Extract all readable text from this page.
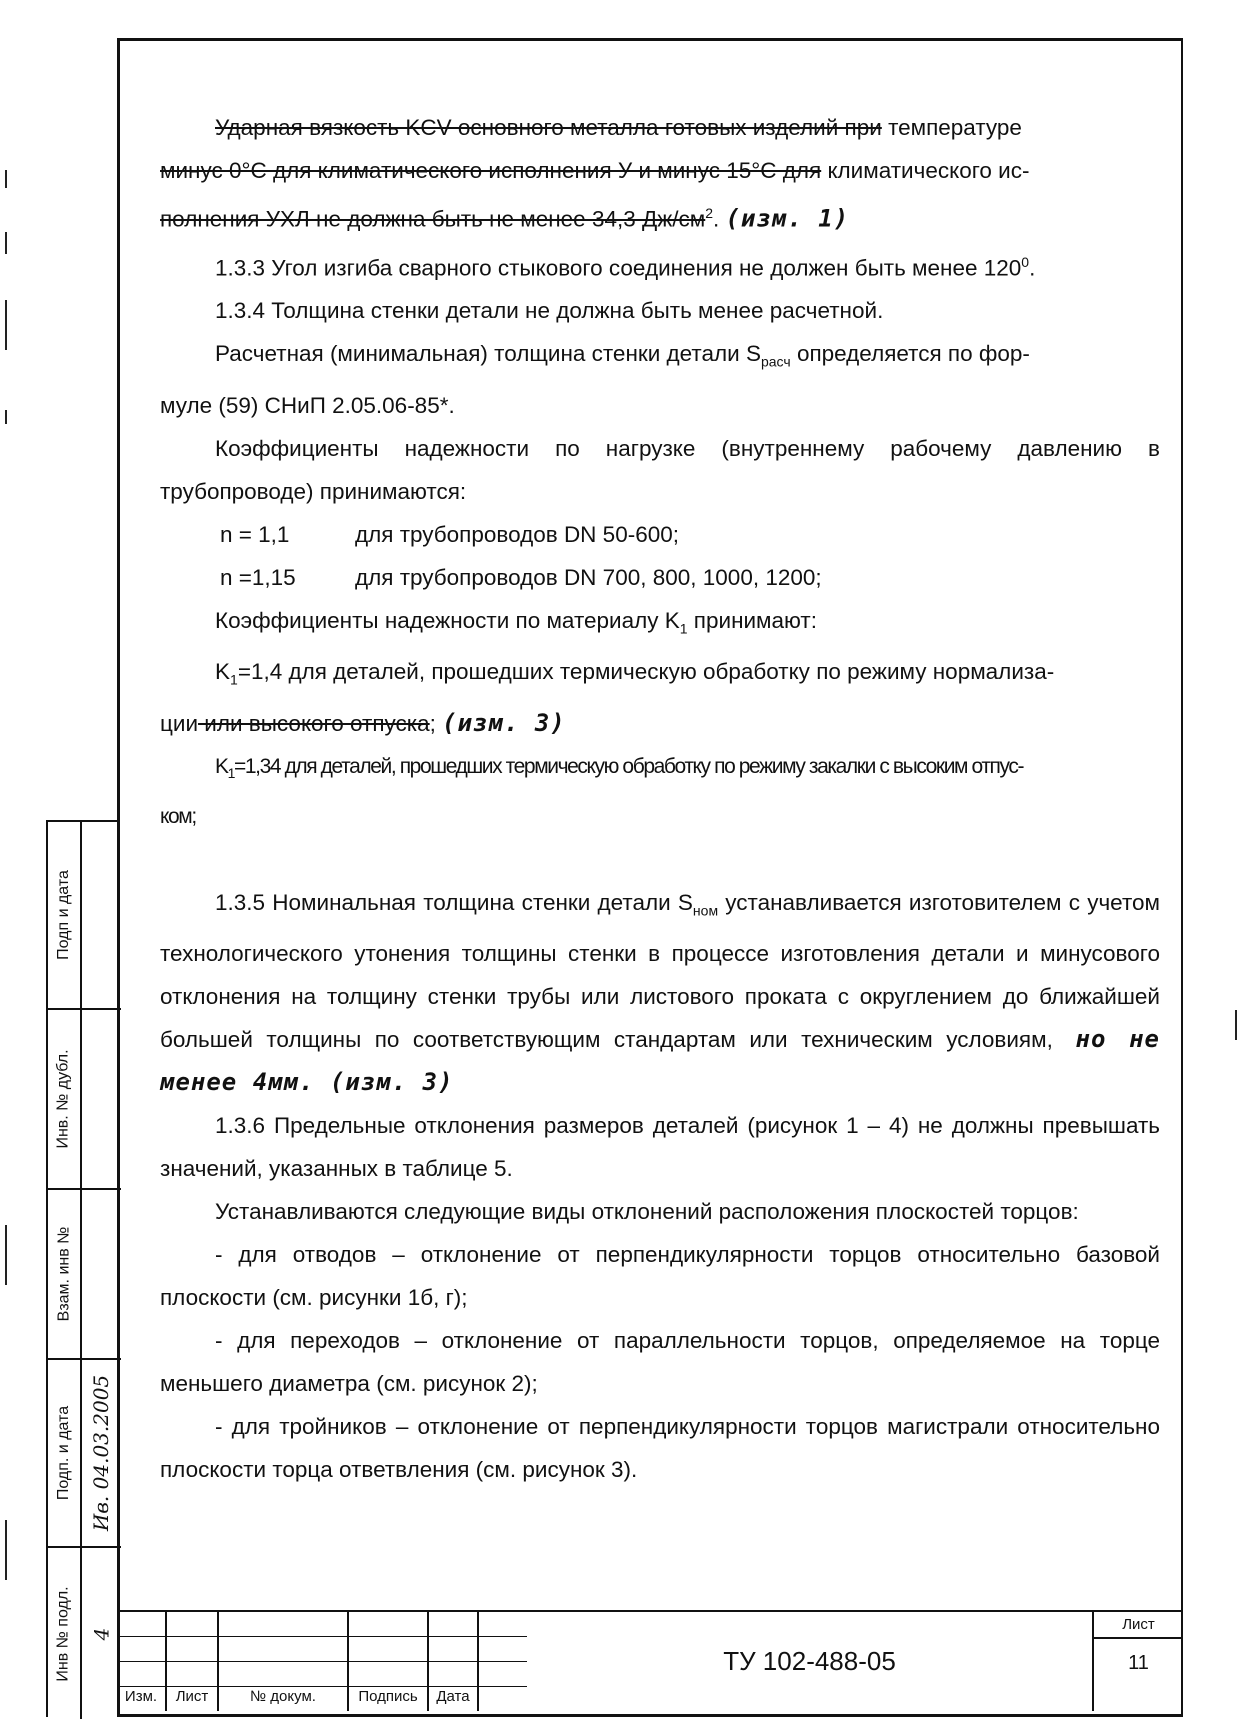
Ударная вязкость KCV основного металла готовых изделий при температуре
минус 0°С для климатического исполнения У и минус 15°С для климатического ис-
полнения УХЛ не должна быть не менее 34,3 $Дж/см^2$. (изм. 1)

1.3.3 Угол изгиба сварного стыкового соединения не должен быть менее $120^0$.

1.3.4 Толщина стенки детали не должна быть менее расчетной.

Расчетная (минимальная) толщина стенки детали $S_{расч}$ определяется по фор-
муле (59) СНиП 2.05.06-85*.

Коэффициенты надежности по нагрузке (внутреннему рабочему давлению в трубопроводе) принимаются:

n = 1,1	для трубопроводов DN 50-600;
n =1,15	для трубопроводов DN 700, 800, 1000, 1200;

Коэффициенты надежности по материалу $K_1$ принимают:

$K_1=1,4$ для деталей, прошедших термическую обработку по режиму нормализа-
ции или высокого отпуска; (изм. 3)

$K_1=1,34$ для деталей, прошедших термическую обработку по режиму закалки с высоким отпус-
ком;

1.3.5 Номинальная толщина стенки детали $S_{ном}$ устанавливается изготовителем с учетом технологического утонения толщины стенки в процессе изготовления детали и минусового отклонения на толщину стенки трубы или листового проката с округлением до ближайшей большей толщины по соответствующим стандартам или техническим условиям, но не менее 4мм. (изм. 3)

1.3.6 Предельные отклонения размеров деталей (рисунок 1 – 4) не должны превышать значений, указанных в таблице 5.

Устанавливаются следующие виды отклонений расположения плоскостей торцов:

- для отводов – отклонение от перпендикулярности торцов относительно базовой плоскости (см. рисунки 1б, г);

- для переходов – отклонение от параллельности торцов, определяемое на торце меньшего диаметра (см. рисунок 2);

- для тройников – отклонение от перпендикулярности торцов магистрали относительно плоскости торца ответвления (см. рисунок 3).

Подп и дата
Инв. № дубл.
Взам. инв №
Подп. и дата Ив. 04.03.2005
Инв № подл. 4
Изм.	Лист	№ докум.	Подпись	Дата
ТУ 102-488-05
Лист
11
